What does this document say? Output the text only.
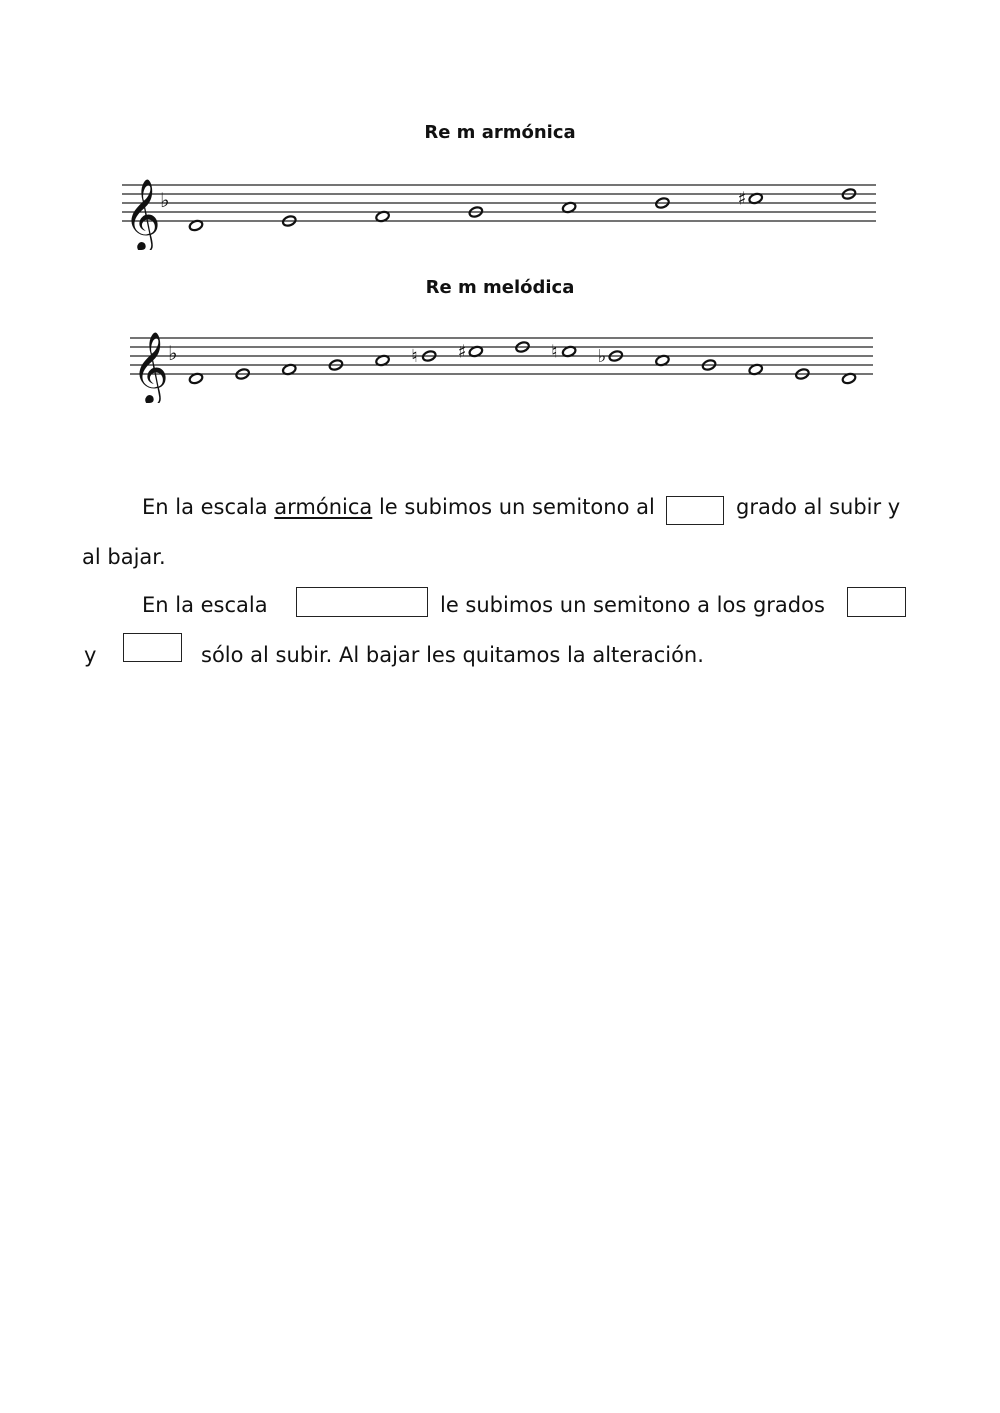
Re m armónica
𝄞 ♭	♯
Re m melódica
𝄞 ♭	♮ ♯	♮ ♭
En la escala armónica le subimos un semitono al	grado al subir y
al bajar.
En la escala	le subimos un semitono a los grados
y	sólo al subir. Al bajar les quitamos la alteración.
